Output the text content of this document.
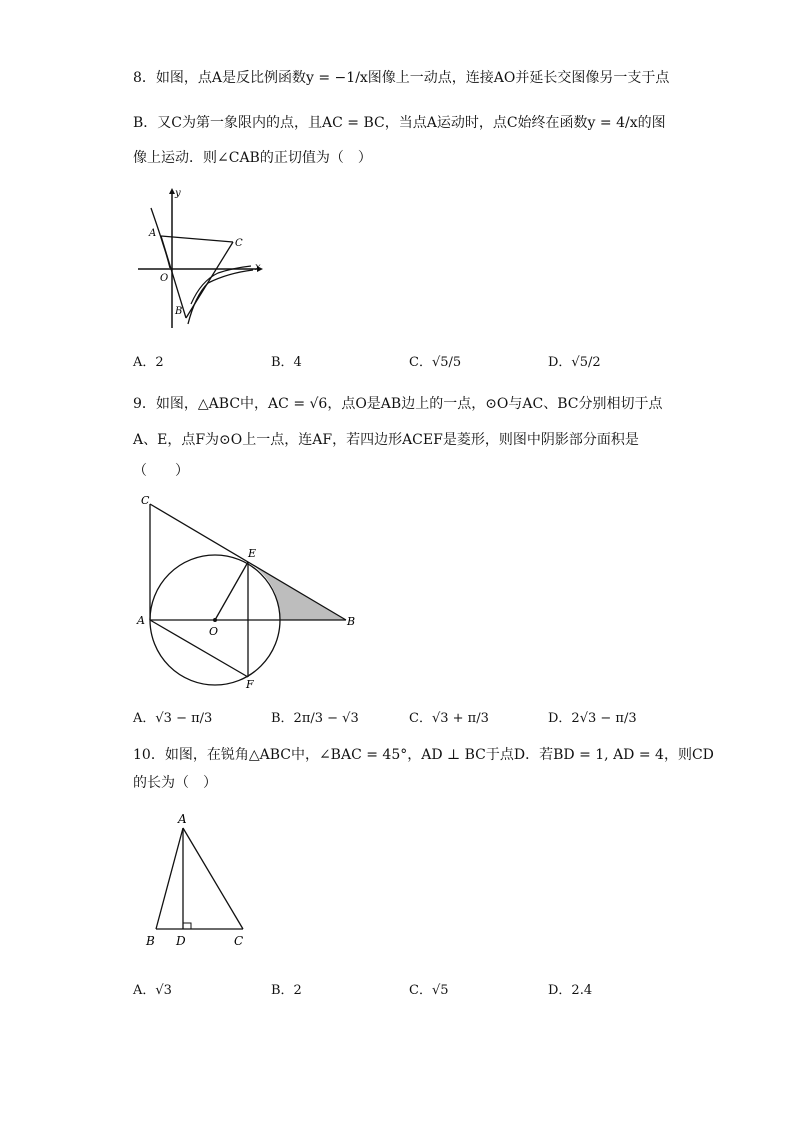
8．如图，点A是反比例函数y = −1/x图像上一动点，连接AO并延长交图像另一支于点
B．又C为第一象限内的点，且AC = BC，当点A运动时，点C始终在函数y = 4/x的图
像上运动．则∠CAB的正切值为（　）
A
C
O
B
y
x
A．2	B．4	C．√5/5	D．√5/2
9．如图，△ABC中，AC = √6，点O是AB边上的一点，⊙O与AC、BC分别相切于点
A、E，点F为⊙O上一点，连AF，若四边形ACEF是菱形，则图中阴影部分面积是
（　　）
C
E
A
O
B
F
A．√3 − π/3	B．2π/3 − √3	C．√3 + π/3	D．2√3 − π/3
10．如图，在锐角△ABC中，∠BAC = 45°，AD ⊥ BC于点D．若BD = 1, AD = 4，则CD
的长为（　）
A
B D	C
A．√3	B．2	C．√5	D．2.4
